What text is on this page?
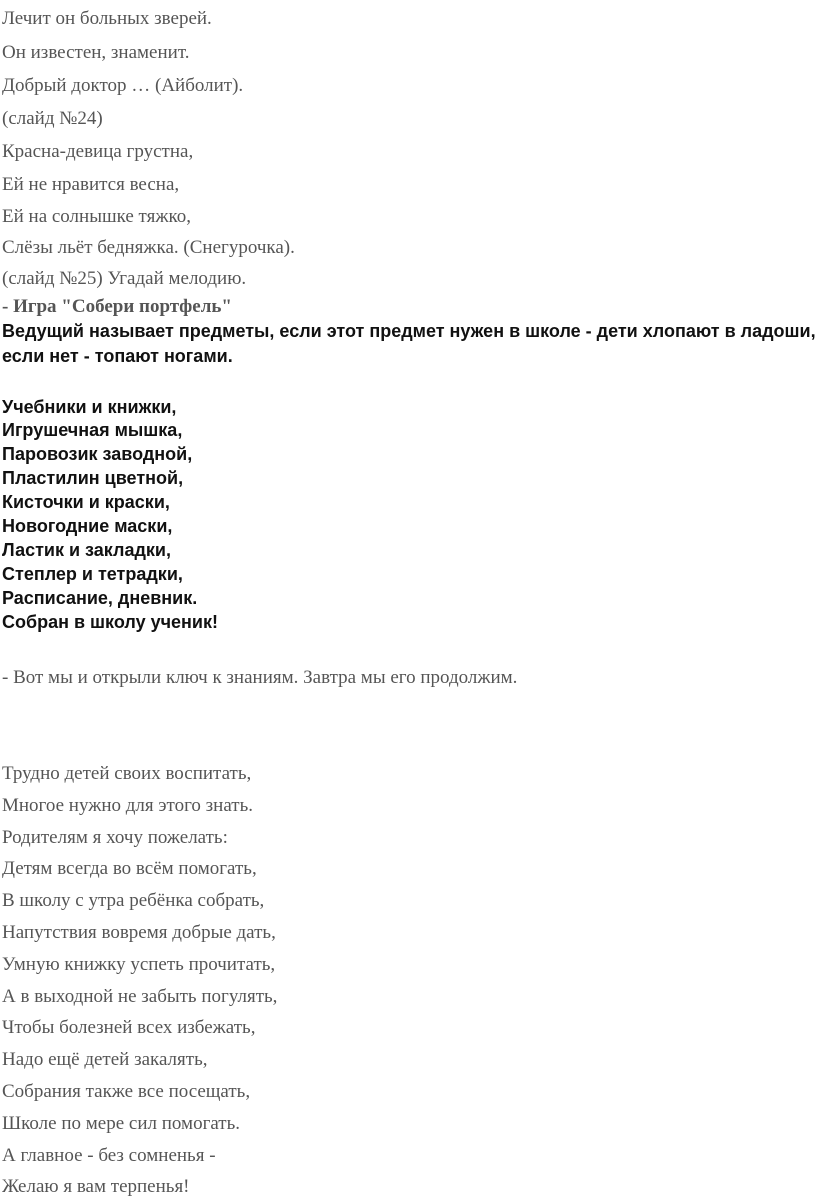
Лечит он больных зверей.

Он известен, знаменит.

Добрый доктор … (Айболит).

(слайд №24)

Красна-девица грустна,

Ей не нравится весна,

Ей на солнышке тяжко,

Слёзы льёт бедняжка. (Снегурочка).

(слайд №25) Угадай мелодию.

- Игра "Собери портфель"

Ведущий называет предметы, если этот предмет нужен в школе - дети хлопают в ладоши,

если нет - топают ногами.

Учебники и книжки,

Игрушечная мышка,

Паровозик заводной,

Пластилин цветной,

Кисточки и краски,

Новогодние маски,

Ластик и закладки,

Степлер и тетрадки,

Расписание, дневник.

Собран в школу ученик!

- Вот мы и открыли ключ к знаниям. Завтра мы его продолжим.

Трудно детей своих воспитать,

Многое нужно для этого знать.

Родителям я хочу пожелать:

Детям всегда во всём помогать,

В школу с утра ребёнка собрать,

Напутствия вовремя добрые дать,

Умную книжку успеть прочитать,

А в выходной не забыть погулять,

Чтобы болезней всех избежать,

Надо ещё детей закалять,

Собрания также все посещать,

Школе по мере сил помогать.

А главное - без сомненья -

Желаю я вам терпенья!
